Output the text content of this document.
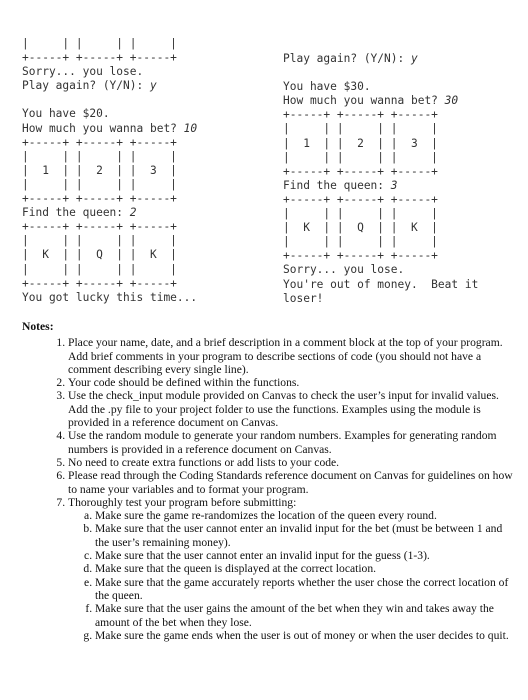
|     | |     | |     |
+-----+ +-----+ +-----+
Sorry... you lose.
Play again? (Y/N): y
You have $20.
How much you wanna bet? 10
+-----+ +-----+ +-----+
|     | |     | |     |
|  1  | |  2  | |  3  |
|     | |     | |     |
+-----+ +-----+ +-----+
Find the queen: 2
+-----+ +-----+ +-----+
|     | |     | |     |
|  K  | |  Q  | |  K  |
|     | |     | |     |
+-----+ +-----+ +-----+
You got lucky this time...
Play again? (Y/N): y
You have $30.
How much you wanna bet? 30
+-----+ +-----+ +-----+
|     | |     | |     |
|  1  | |  2  | |  3  |
|     | |     | |     |
+-----+ +-----+ +-----+
Find the queen: 3
+-----+ +-----+ +-----+
|     | |     | |     |
|  K  | |  Q  | |  K  |
|     | |     | |     |
+-----+ +-----+ +-----+
Sorry... you lose.
You're out of money.  Beat it
loser!
Notes:
1. Place your name, date, and a brief description in a comment block at the top of your program. Add brief comments in your program to describe sections of code (you should not have a comment describing every single line).
2. Your code should be defined within the functions.
3. Use the check_input module provided on Canvas to check the user’s input for invalid values. Add the .py file to your project folder to use the functions. Examples using the module is provided in a reference document on Canvas.
4. Use the random module to generate your random numbers. Examples for generating random numbers is provided in a reference document on Canvas.
5. No need to create extra functions or add lists to your code.
6. Please read through the Coding Standards reference document on Canvas for guidelines on how to name your variables and to format your program.
7. Thoroughly test your program before submitting:
a. Make sure the game re-randomizes the location of the queen every round.
b. Make sure that the user cannot enter an invalid input for the bet (must be between 1 and the user’s remaining money).
c. Make sure that the user cannot enter an invalid input for the guess (1-3).
d. Make sure that the queen is displayed at the correct location.
e. Make sure that the game accurately reports whether the user chose the correct location of the queen.
f. Make sure that the user gains the amount of the bet when they win and takes away the amount of the bet when they lose.
g. Make sure the game ends when the user is out of money or when the user decides to quit.
